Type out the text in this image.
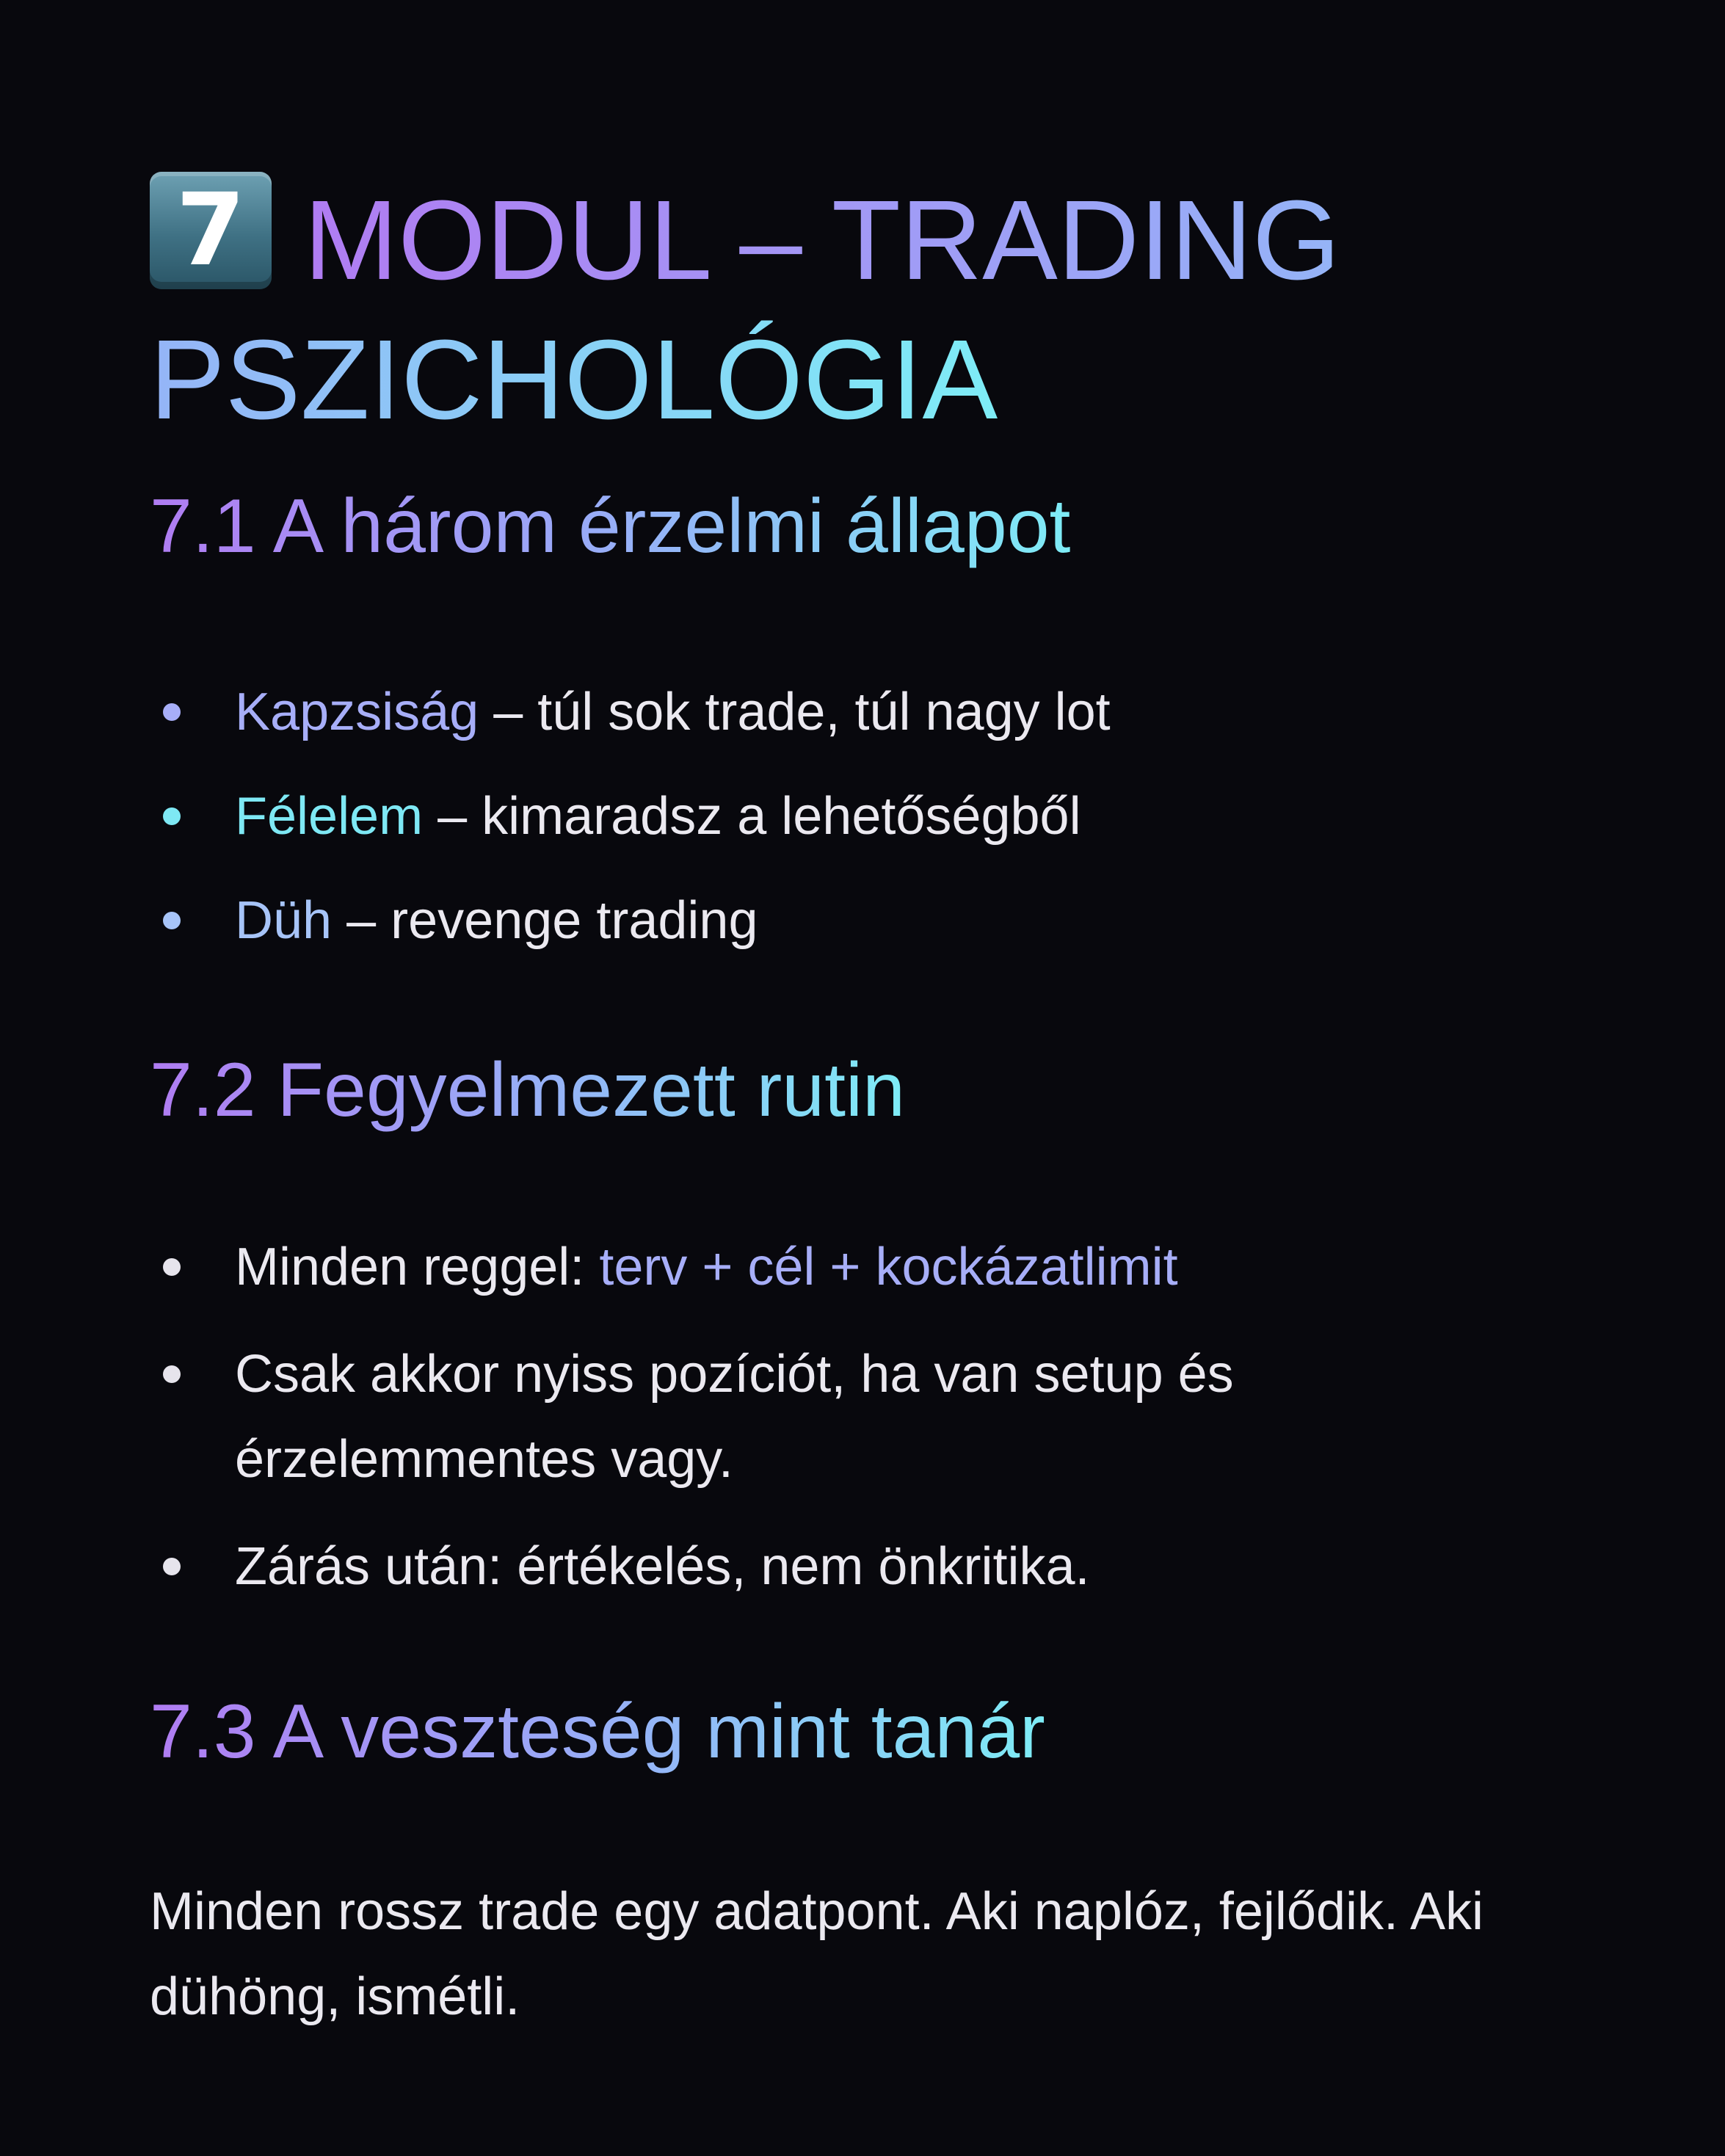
7 MODUL – TRADING PSZICHOLÓGIA
7.1 A három érzelmi állapot
Kapzsiság – túl sok trade, túl nagy lot
Félelem – kimaradsz a lehetőségből
Düh – revenge trading
7.2 Fegyelmezett rutin
Minden reggel: terv + cél + kockázatlimit
Csak akkor nyiss pozíciót, ha van setup és érzelemmentes vagy.
Zárás után: értékelés, nem önkritika.
7.3 A veszteség mint tanár

Minden rossz trade egy adatpont. Aki naplóz, fejlődik. Aki dühöng, ismétli.
